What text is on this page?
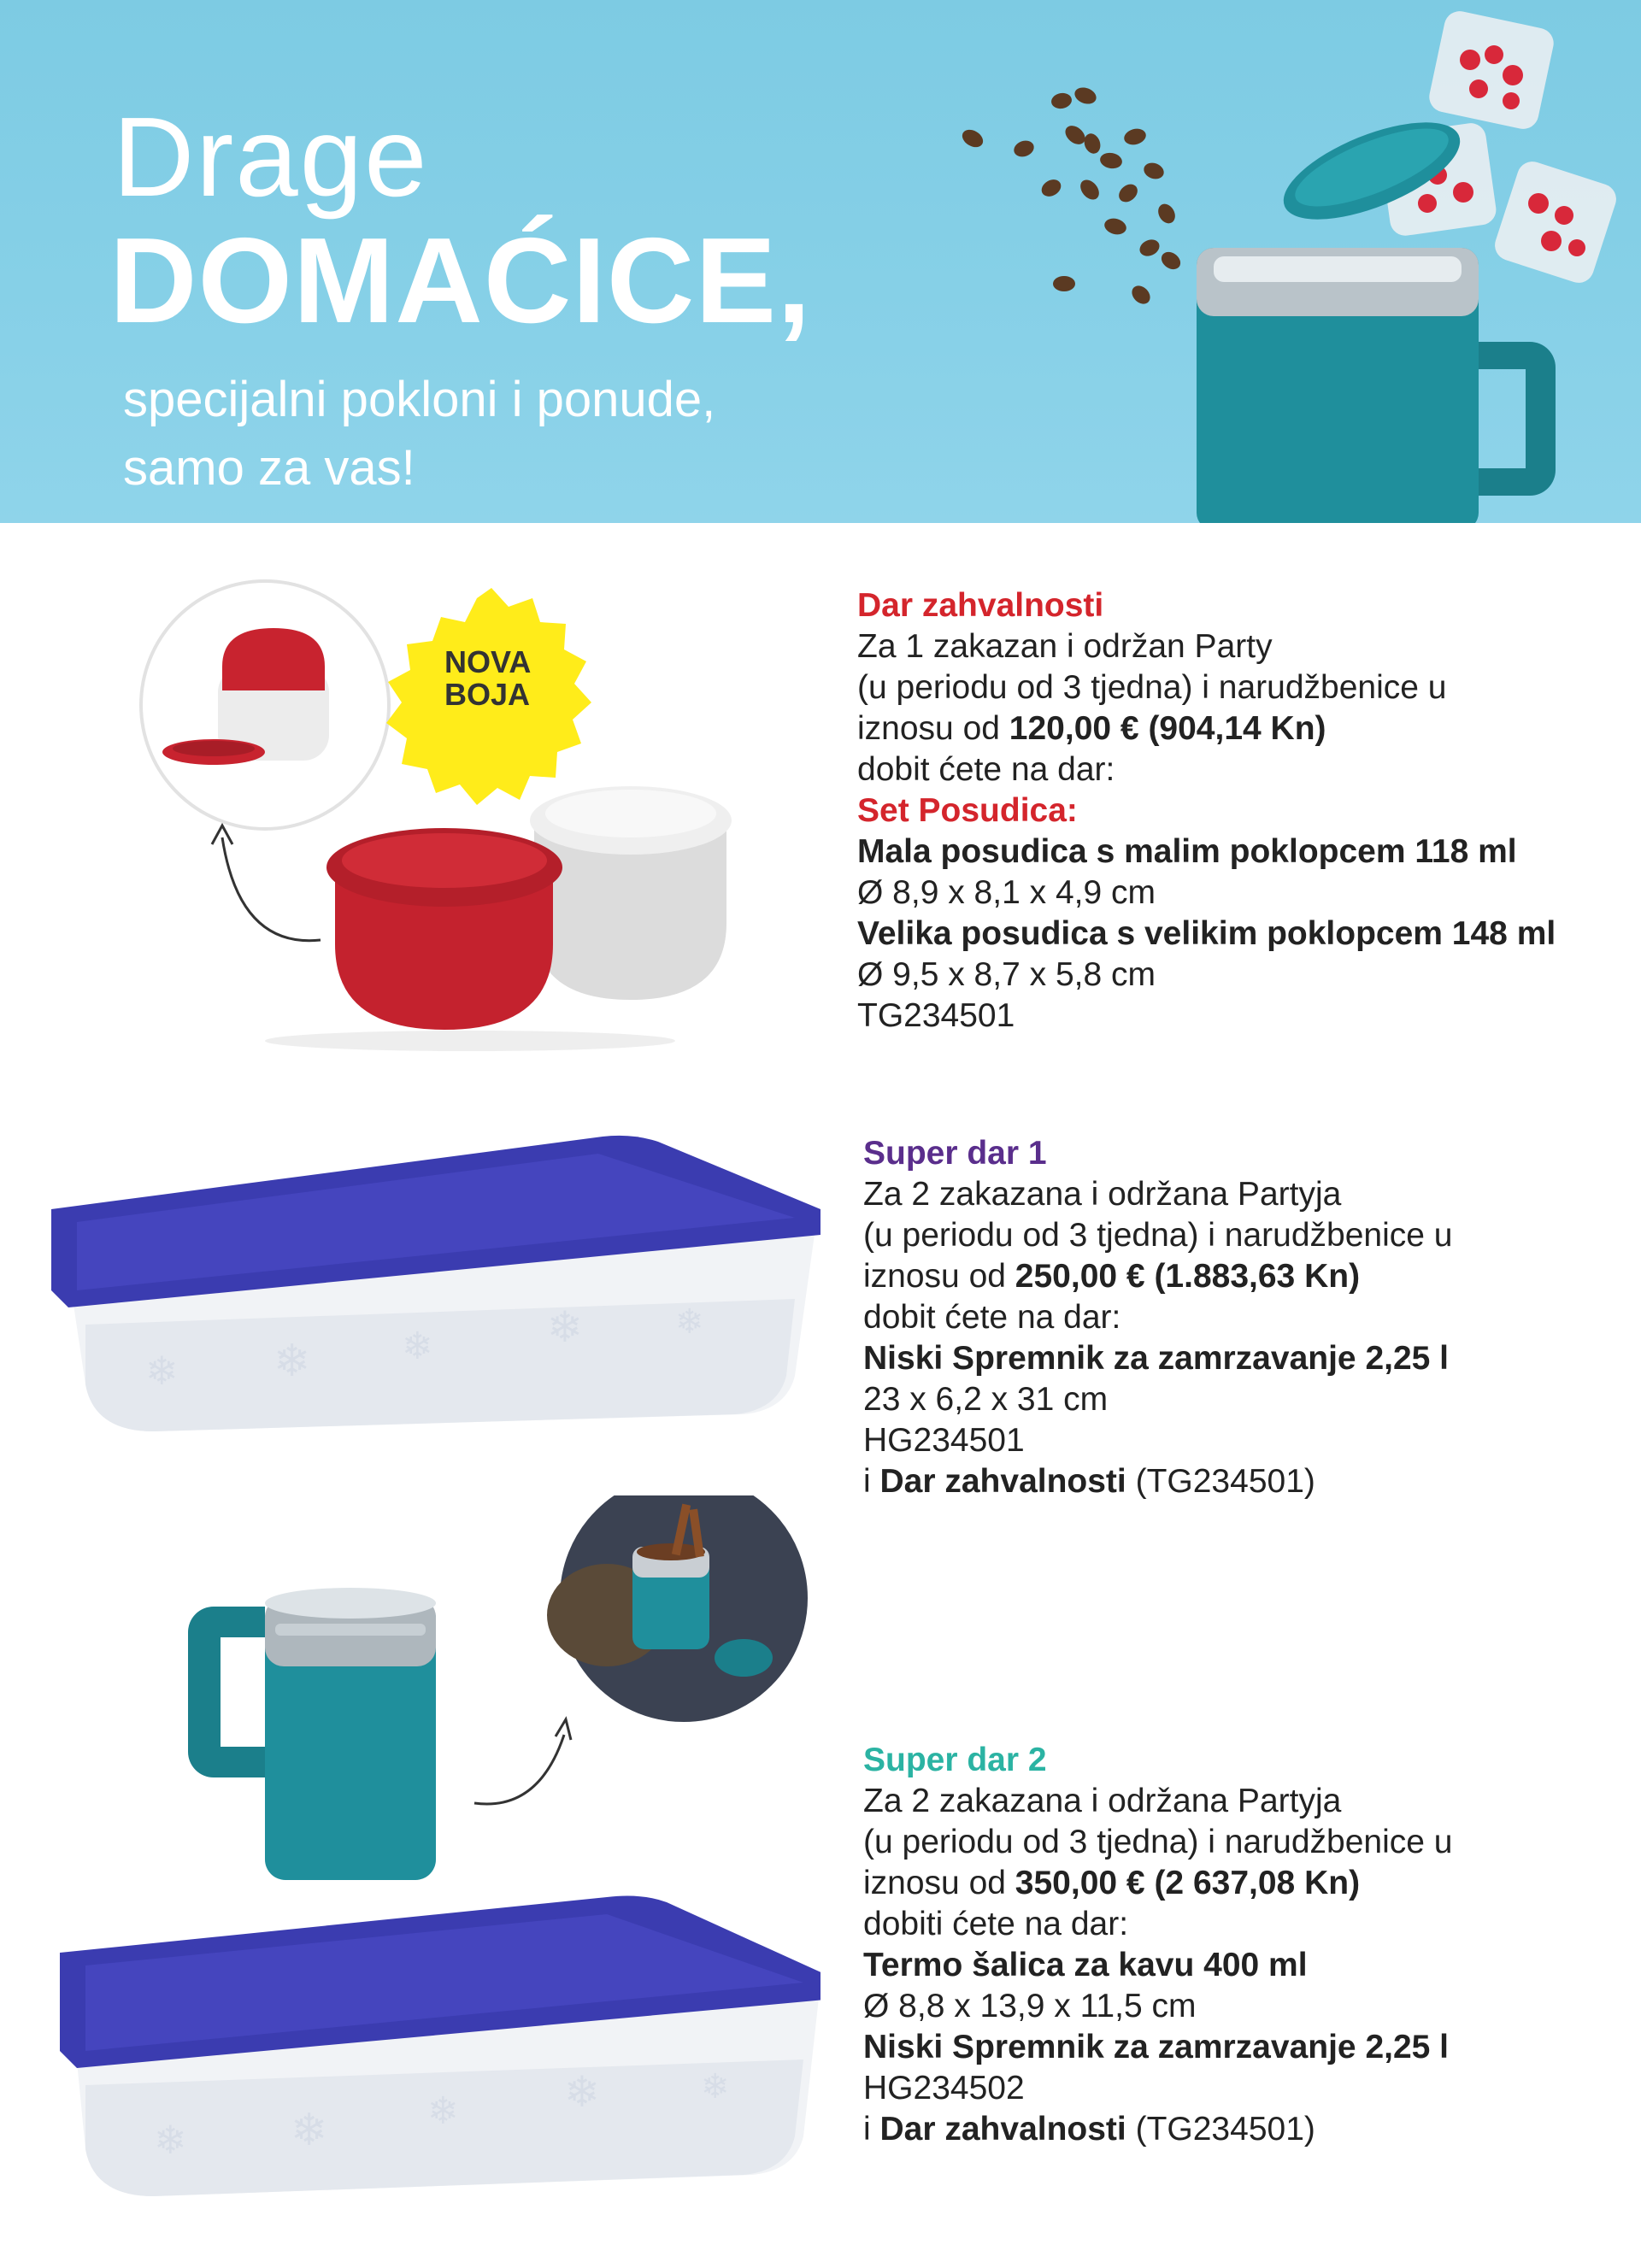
Drage
DOMAĆICE,
specijalni pokloni i ponude,
samo za vas!
NOVA
BOJA
Dar zahvalnosti
Za 1 zakazan i održan Party
(u periodu od 3 tjedna) i narudžbenice u
iznosu od 120,00 € (904,14 Kn)
dobit ćete na dar:
Set Posudica:
Mala posudica s malim poklopcem 118 ml
Ø 8,9 x 8,1 x 4,9 cm
Velika posudica s velikim poklopcem 148 ml
Ø 9,5 x 8,7 x 5,8 cm
TG234501
❄ ❄ ❄	❄	❄
Super dar 1
Za 2 zakazana i održana Partyja
(u periodu od 3 tjedna) i narudžbenice u
iznosu od 250,00 € (1.883,63 Kn)
dobit ćete na dar:
Niski Spremnik za zamrzavanje 2,25 l
23 x 6,2 x 31 cm
HG234501
i Dar zahvalnosti (TG234501)
❄ ❄	❄ ❄	❄
Super dar 2
Za 2 zakazana i održana Partyja
(u periodu od 3 tjedna) i narudžbenice u
iznosu od 350,00 € (2 637,08 Kn)
dobiti ćete na dar:
Termo šalica za kavu 400 ml
Ø 8,8 x 13,9 x 11,5 cm
Niski Spremnik za zamrzavanje 2,25 l
HG234502
i Dar zahvalnosti (TG234501)
